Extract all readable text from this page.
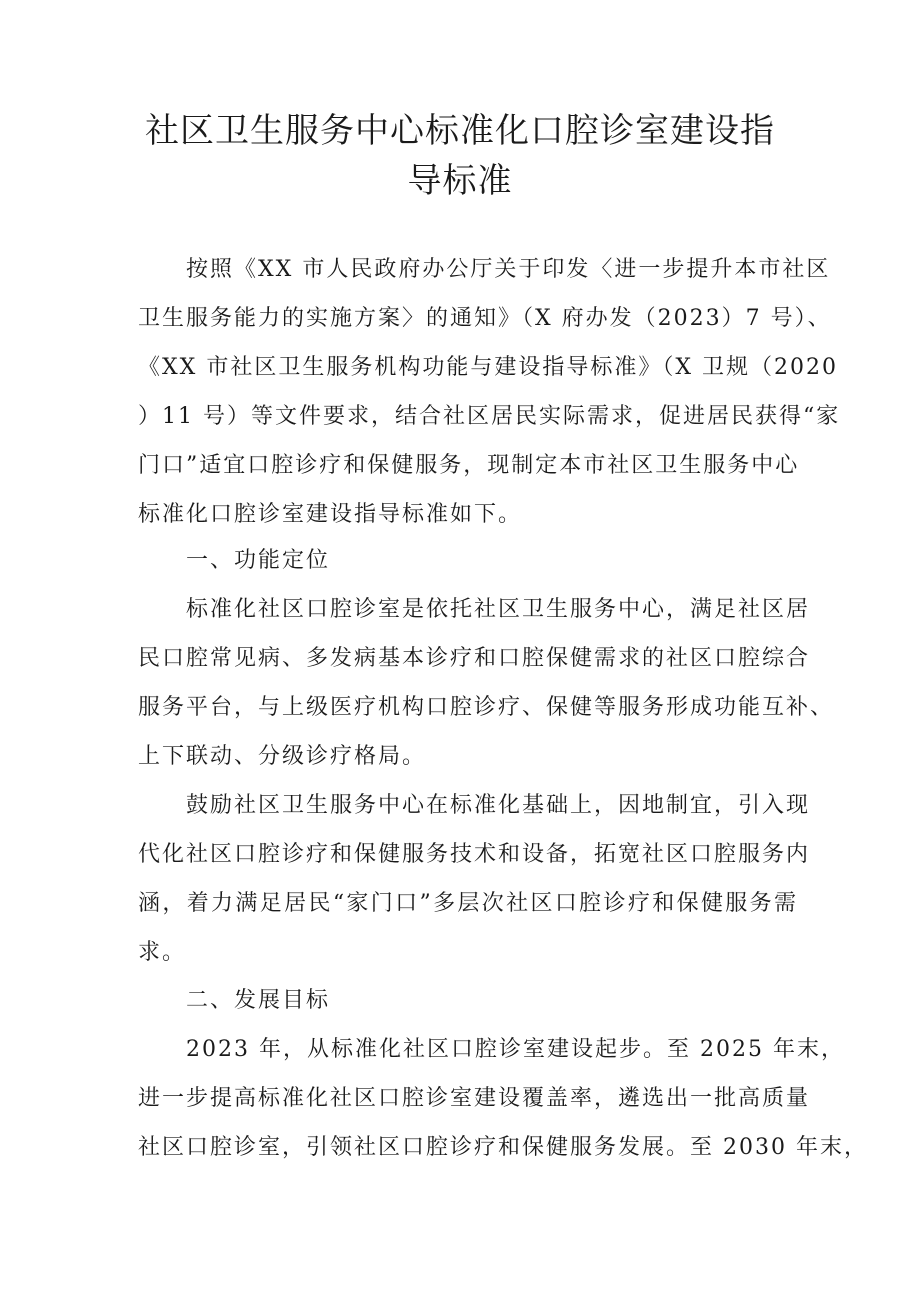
社区卫生服务中心标准化口腔诊室建设指
导标准
按照《XX 市人民政府办公厅关于印发〈进一步提升本市社区
卫生服务能力的实施方案〉的通知》（X 府办发（2023）7 号）、
《XX 市社区卫生服务机构功能与建设指导标准》（X 卫规（2020
）11 号）等文件要求，结合社区居民实际需求，促进居民获得“家
门口”适宜口腔诊疗和保健服务，现制定本市社区卫生服务中心
标准化口腔诊室建设指导标准如下。
一、功能定位
标准化社区口腔诊室是依托社区卫生服务中心，满足社区居
民口腔常见病、多发病基本诊疗和口腔保健需求的社区口腔综合
服务平台，与上级医疗机构口腔诊疗、保健等服务形成功能互补、
上下联动、分级诊疗格局。
鼓励社区卫生服务中心在标准化基础上，因地制宜，引入现
代化社区口腔诊疗和保健服务技术和设备，拓宽社区口腔服务内
涵，着力满足居民“家门口”多层次社区口腔诊疗和保健服务需
求。
二、发展目标
2023 年，从标准化社区口腔诊室建设起步。至 2025 年末，
进一步提高标准化社区口腔诊室建设覆盖率，遴选出一批高质量
社区口腔诊室，引领社区口腔诊疗和保健服务发展。至 2030 年末，
